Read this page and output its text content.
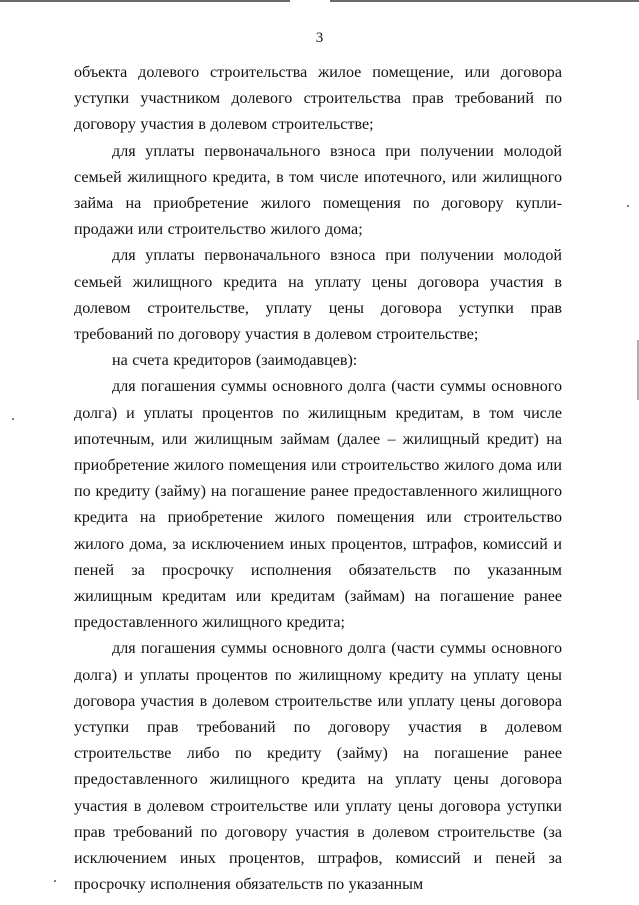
3

объекта долевого строительства жилое помещение, или договора уступки участником долевого строительства прав требований по договору участия в долевом строительстве;

для уплаты первоначального взноса при получении молодой семьей жилищного кредита, в том числе ипотечного, или жилищного займа на приобретение жилого помещения по договору купли-продажи или строительство жилого дома;

для уплаты первоначального взноса при получении молодой семьей жилищного кредита на уплату цены договора участия в долевом строительстве, уплату цены договора уступки прав требований по договору участия в долевом строительстве;

на счета кредиторов (заимодавцев):

для погашения суммы основного долга (части суммы основного долга) и уплаты процентов по жилищным кредитам, в том числе ипотечным, или жилищным займам (далее – жилищный кредит) на приобретение жилого помещения или строительство жилого дома или по кредиту (займу) на погашение ранее предоставленного жилищного кредита на приобретение жилого помещения или строительство жилого дома, за исключением иных процентов, штрафов, комиссий и пеней за просрочку исполнения обязательств по указанным жилищным кредитам или кредитам (займам) на погашение ранее предоставленного жилищного кредита;

для погашения суммы основного долга (части суммы основного долга) и уплаты процентов по жилищному кредиту на уплату цены договора участия в долевом строительстве или уплату цены договора уступки прав требований по договору участия в долевом строительстве либо по кредиту (займу) на погашение ранее предоставленного жилищного кредита на уплату цены договора участия в долевом строительстве или уплату цены договора уступки прав требований по договору участия в долевом строительстве (за исключением иных процентов, штрафов, комиссий и пеней за просрочку исполнения обязательств по указанным
